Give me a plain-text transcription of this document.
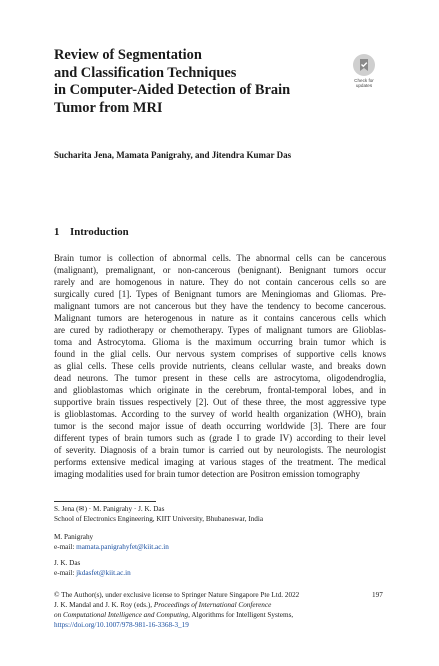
Review of Segmentation
and Classification Techniques
in Computer-Aided Detection of Brain
Tumor from MRI
Check for
updates
Sucharita Jena, Mamata Panigrahy, and Jitendra Kumar Das
1 Introduction
Brain tumor is collection of abnormal cells. The abnormal cells can be cancerous
(malignant), premalignant, or non-cancerous (benignant). Benignant tumors occur
rarely and are homogenous in nature. They do not contain cancerous cells so are
surgically cured [1]. Types of Benignant tumors are Meningiomas and Gliomas. Pre-
malignant tumors are not cancerous but they have the tendency to become cancerous.
Malignant tumors are heterogenous in nature as it contains cancerous cells which
are cured by radiotherapy or chemotherapy. Types of malignant tumors are Glioblas-
toma and Astrocytoma. Glioma is the maximum occurring brain tumor which is
found in the glial cells. Our nervous system comprises of supportive cells knows
as glial cells. These cells provide nutrients, cleans cellular waste, and breaks down
dead neurons. The tumor present in these cells are astrocytoma, oligodendroglia,
and glioblastomas which originate in the cerebrum, frontal-temporal lobes, and in
supportive brain tissues respectively [2]. Out of these three, the most aggressive type
is glioblastomas. According to the survey of world health organization (WHO), brain
tumor is the second major issue of death occurring worldwide [3]. There are four
different types of brain tumors such as (grade I to grade IV) according to their level
of severity. Diagnosis of a brain tumor is carried out by neurologists. The neurologist
performs extensive medical imaging at various stages of the treatment. The medical
imaging modalities used for brain tumor detection are Positron emission tomography
S. Jena (✉) · M. Panigrahy · J. K. Das
School of Electronics Engineering, KIIT University, Bhubaneswar, India
M. Panigrahy
e-mail: mamata.panigrahyfet@kiit.ac.in
J. K. Das
e-mail: jkdasfet@kiit.ac.in
© The Author(s), under exclusive license to Springer Nature Singapore Pte Ltd. 2022	197
J. K. Mandal and J. K. Roy (eds.), Proceedings of International Conference
on Computational Intelligence and Computing, Algorithms for Intelligent Systems,
https://doi.org/10.1007/978-981-16-3368-3_19
